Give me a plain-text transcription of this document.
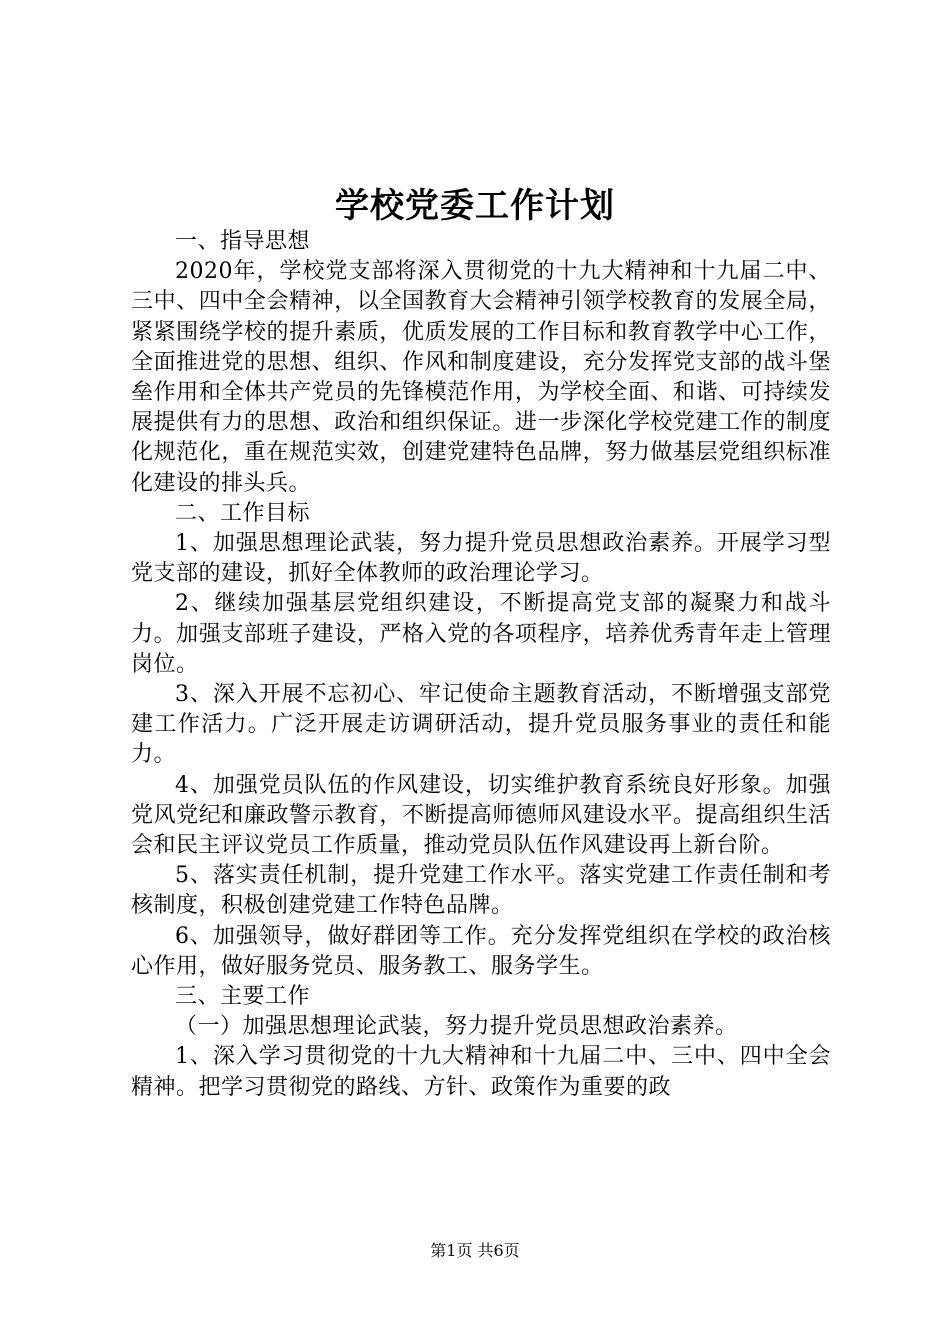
学校党委工作计划

一、指导思想

2020年，学校党支部将深入贯彻党的十九大精神和十九届二中、三中、四中全会精神，以全国教育大会精神引领学校教育的发展全局，紧紧围绕学校的提升素质，优质发展的工作目标和教育教学中心工作，全面推进党的思想、组织、作风和制度建设，充分发挥党支部的战斗堡垒作用和全体共产党员的先锋模范作用，为学校全面、和谐、可持续发展提供有力的思想、政治和组织保证。进一步深化学校党建工作的制度化规范化，重在规范实效，创建党建特色品牌，努力做基层党组织标准化建设的排头兵。

二、工作目标

1、加强思想理论武装，努力提升党员思想政治素养。开展学习型党支部的建设，抓好全体教师的政治理论学习。

2、继续加强基层党组织建设，不断提高党支部的凝聚力和战斗力。加强支部班子建设，严格入党的各项程序，培养优秀青年走上管理岗位。

3、深入开展不忘初心、牢记使命主题教育活动，不断增强支部党建工作活力。广泛开展走访调研活动，提升党员服务事业的责任和能力。

4、加强党员队伍的作风建设，切实维护教育系统良好形象。加强党风党纪和廉政警示教育，不断提高师德师风建设水平。提高组织生活会和民主评议党员工作质量，推动党员队伍作风建设再上新台阶。

5、落实责任机制，提升党建工作水平。落实党建工作责任制和考核制度，积极创建党建工作特色品牌。

6、加强领导，做好群团等工作。充分发挥党组织在学校的政治核心作用，做好服务党员、服务教工、服务学生。

三、主要工作

（一）加强思想理论武装，努力提升党员思想政治素养。

1、深入学习贯彻党的十九大精神和十九届二中、三中、四中全会精神。把学习贯彻党的路线、方针、政策作为重要的政

第1页 共6页
